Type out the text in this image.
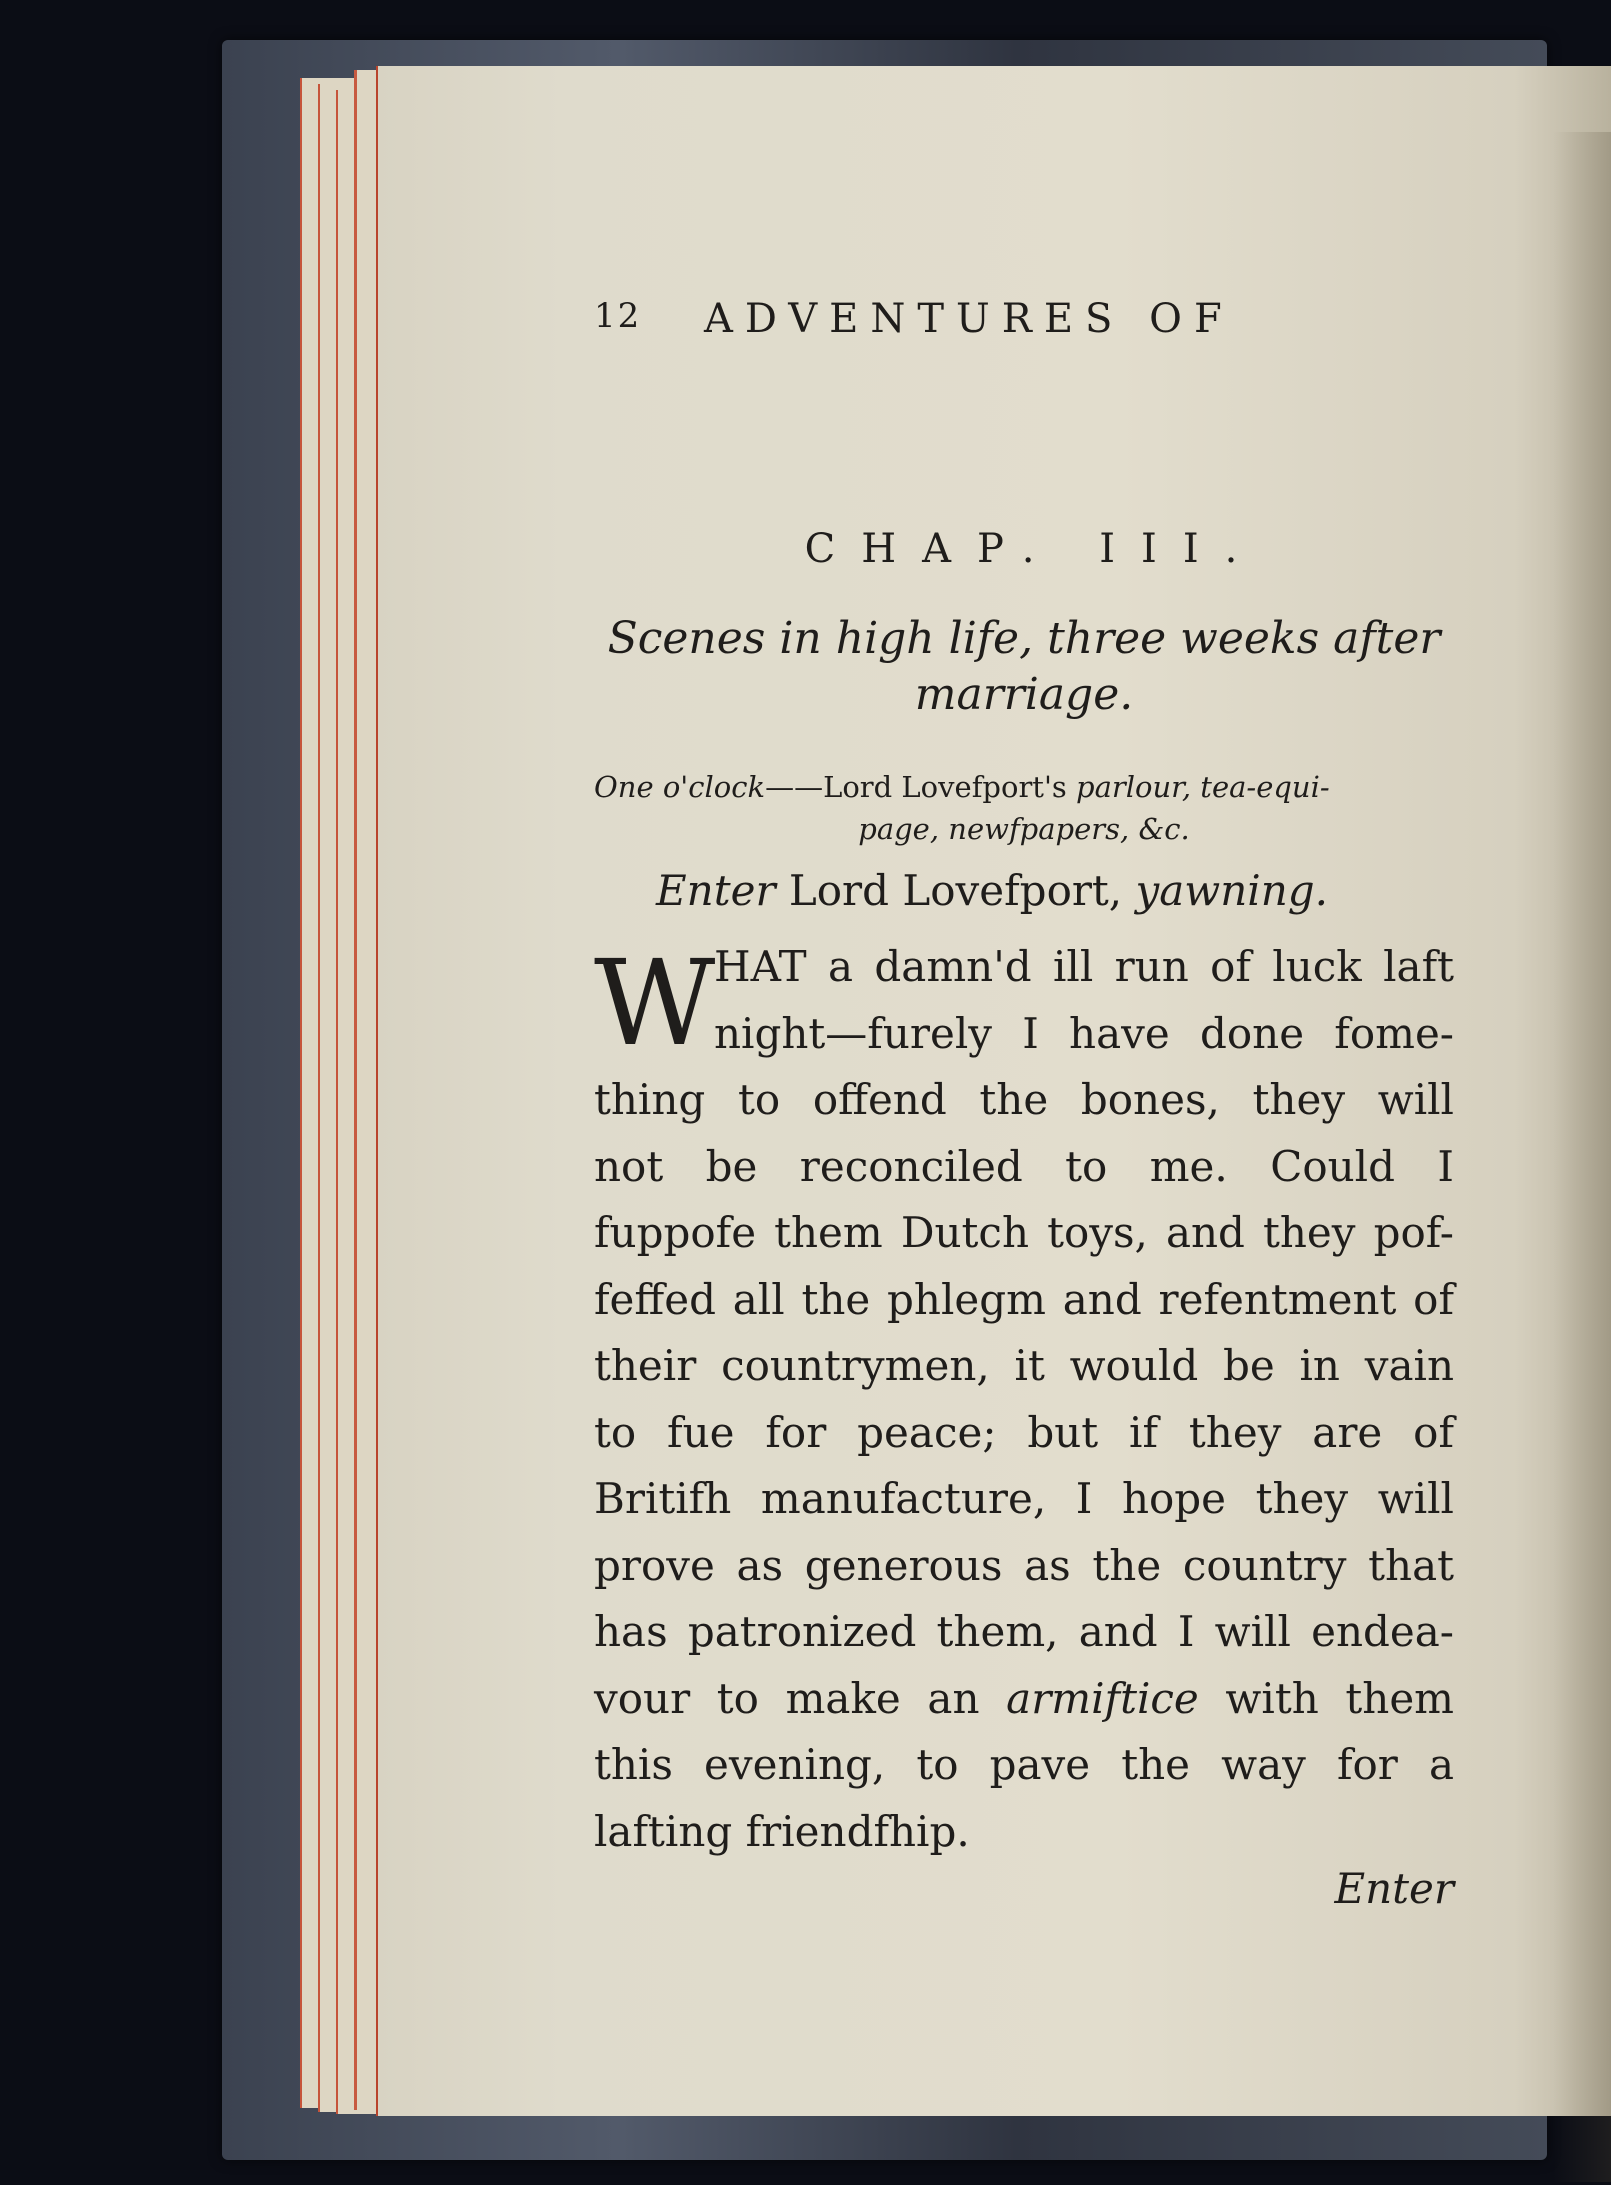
12 ADVENTURES OF
CHAP. III.
Scenes in high life, three weeks after
marriage.
One o'clock——Lord Lovefport's parlour, tea-equi-
page, newfpapers, &c.
Enter Lord Lovefport, yawning.
W
HAT a damn'd ill run of luck laft
night—furely I have done fome-
thing to offend the bones, they will
not be reconciled to me. Could I
fuppofe them Dutch toys, and they pof-
feffed all the phlegm and refentment of
their countrymen, it would be in vain
to fue for peace; but if they are of
Britifh manufacture, I hope they will
prove as generous as the country that
has patronized them, and I will endea-
vour to make an armiftice with them
this evening, to pave the way for a
lafting friendfhip.
Enter
